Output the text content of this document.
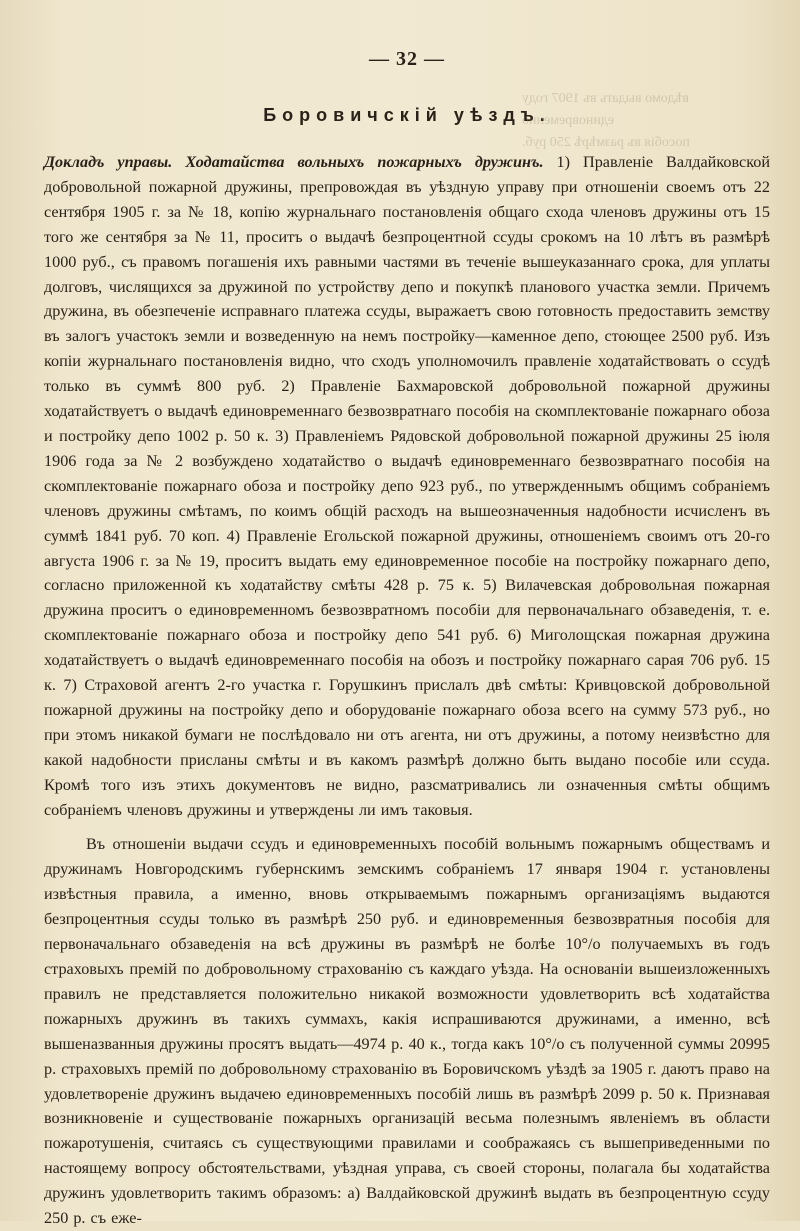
вѣдомо выдать въ 1907 году единовременно
пособія въ размѣрѣ 250 руб.
— 32 —
Боровичскій уѣздъ.

Докладъ управы. Ходатайства вольныхъ пожарныхъ дружинъ. 1) Правленіе Валдайковской добровольной пожарной дружины, препровождая въ уѣздную управу при отношеніи своемъ отъ 22 сентября 1905 г. за № 18, копію журнальнаго постановленія общаго схода членовъ дружины отъ 15 того же сентября за № 11, проситъ о выдачѣ безпроцентной ссуды срокомъ на 10 лѣтъ въ размѣрѣ 1000 руб., съ правомъ погашенія ихъ равными частями въ теченіе вышеуказаннаго срока, для уплаты долговъ, числящихся за дружиной по устройству депо и покупкѣ планового участка земли. Причемъ дружина, въ обезпеченіе исправнаго платежа ссуды, выражаетъ свою готовность предоставить земству въ залогъ участокъ земли и возведенную на немъ постройку—каменное депо, стоющее 2500 руб. Изъ копіи журнальнаго постановленія видно, что сходъ уполномочилъ правленіе ходатайствовать о ссудѣ только въ суммѣ 800 руб. 2) Правленіе Бахмаровской добровольной пожарной дружины ходатайствуетъ о выдачѣ единовременнаго безвозвратнаго пособія на скомплектованіе пожарнаго обоза и постройку депо 1002 р. 50 к. 3) Правленіемъ Рядовской добровольной пожарной дружины 25 іюля 1906 года за № 2 возбуждено ходатайство о выдачѣ единовременнаго безвозвратнаго пособія на скомплектованіе пожарнаго обоза и постройку депо 923 руб., по утвержденнымъ общимъ собраніемъ членовъ дружины смѣтамъ, по коимъ общій расходъ на вышеозначенныя надобности исчисленъ въ суммѣ 1841 руб. 70 коп. 4) Правленіе Егольской пожарной дружины, отношеніемъ своимъ отъ 20-го августа 1906 г. за № 19, проситъ выдать ему единовременное пособіе на постройку пожарнаго депо, согласно приложенной къ ходатайству смѣты 428 р. 75 к. 5) Вилачевская добровольная пожарная дружина проситъ о единовременномъ безвозвратномъ пособіи для первоначальнаго обзаведенія, т. е. скомплектованіе пожарнаго обоза и постройку депо 541 руб. 6) Миголощская пожарная дружина ходатайствуетъ о выдачѣ единовременнаго пособія на обозъ и постройку пожарнаго сарая 706 руб. 15 к. 7) Страховой агентъ 2-го участка г. Горушкинъ прислалъ двѣ смѣты: Кривцовской добровольной пожарной дружины на постройку депо и оборудованіе пожарнаго обоза всего на сумму 573 руб., но при этомъ никакой бумаги не послѣдовало ни отъ агента, ни отъ дружины, а потому неизвѣстно для какой надобности присланы смѣты и въ какомъ размѣрѣ должно быть выдано пособіе или ссуда. Кромѣ того изъ этихъ документовъ не видно, разсматривались ли означенныя смѣты общимъ собраніемъ членовъ дружины и утверждены ли имъ таковыя.

Въ отношеніи выдачи ссудъ и единовременныхъ пособій вольнымъ пожарнымъ обществамъ и дружинамъ Новгородскимъ губернскимъ земскимъ собраніемъ 17 января 1904 г. установлены извѣстныя правила, а именно, вновь открываемымъ пожарнымъ организаціямъ выдаются безпроцентныя ссуды только въ размѣрѣ 250 руб. и единовременныя безвозвратныя пособія для первоначальнаго обзаведенія на всѣ дружины въ размѣрѣ не болѣе 10°/о получаемыхъ въ годъ страховыхъ премій по добровольному страхованію съ каждаго уѣзда. На основаніи вышеизложенныхъ правилъ не представляется положительно никакой возможности удовлетворить всѣ ходатайства пожарныхъ дружинъ въ такихъ суммахъ, какія испрашиваются дружинами, а именно, всѣ вышеназванныя дружины просятъ выдать—4974 р. 40 к., тогда какъ 10°/о съ полученной суммы 20995 р. страховыхъ премій по добровольному страхованію въ Боровичскомъ уѣздѣ за 1905 г. даютъ право на удовлетвореніе дружинъ выдачею единовременныхъ пособій лишь въ размѣрѣ 2099 р. 50 к. Признавая возникновеніе и существованіе пожарныхъ организацій весьма полезнымъ явленіемъ въ области пожаротушенія, считаясь съ существующими правилами и соображаясь съ вышеприведенными по настоящему вопросу обстоятельствами, уѣздная управа, съ своей стороны, полагала бы ходатайства дружинъ удовлетворить такимъ образомъ: а) Валдайковской дружинѣ выдать въ безпроцентную ссуду 250 р. съ еже-
